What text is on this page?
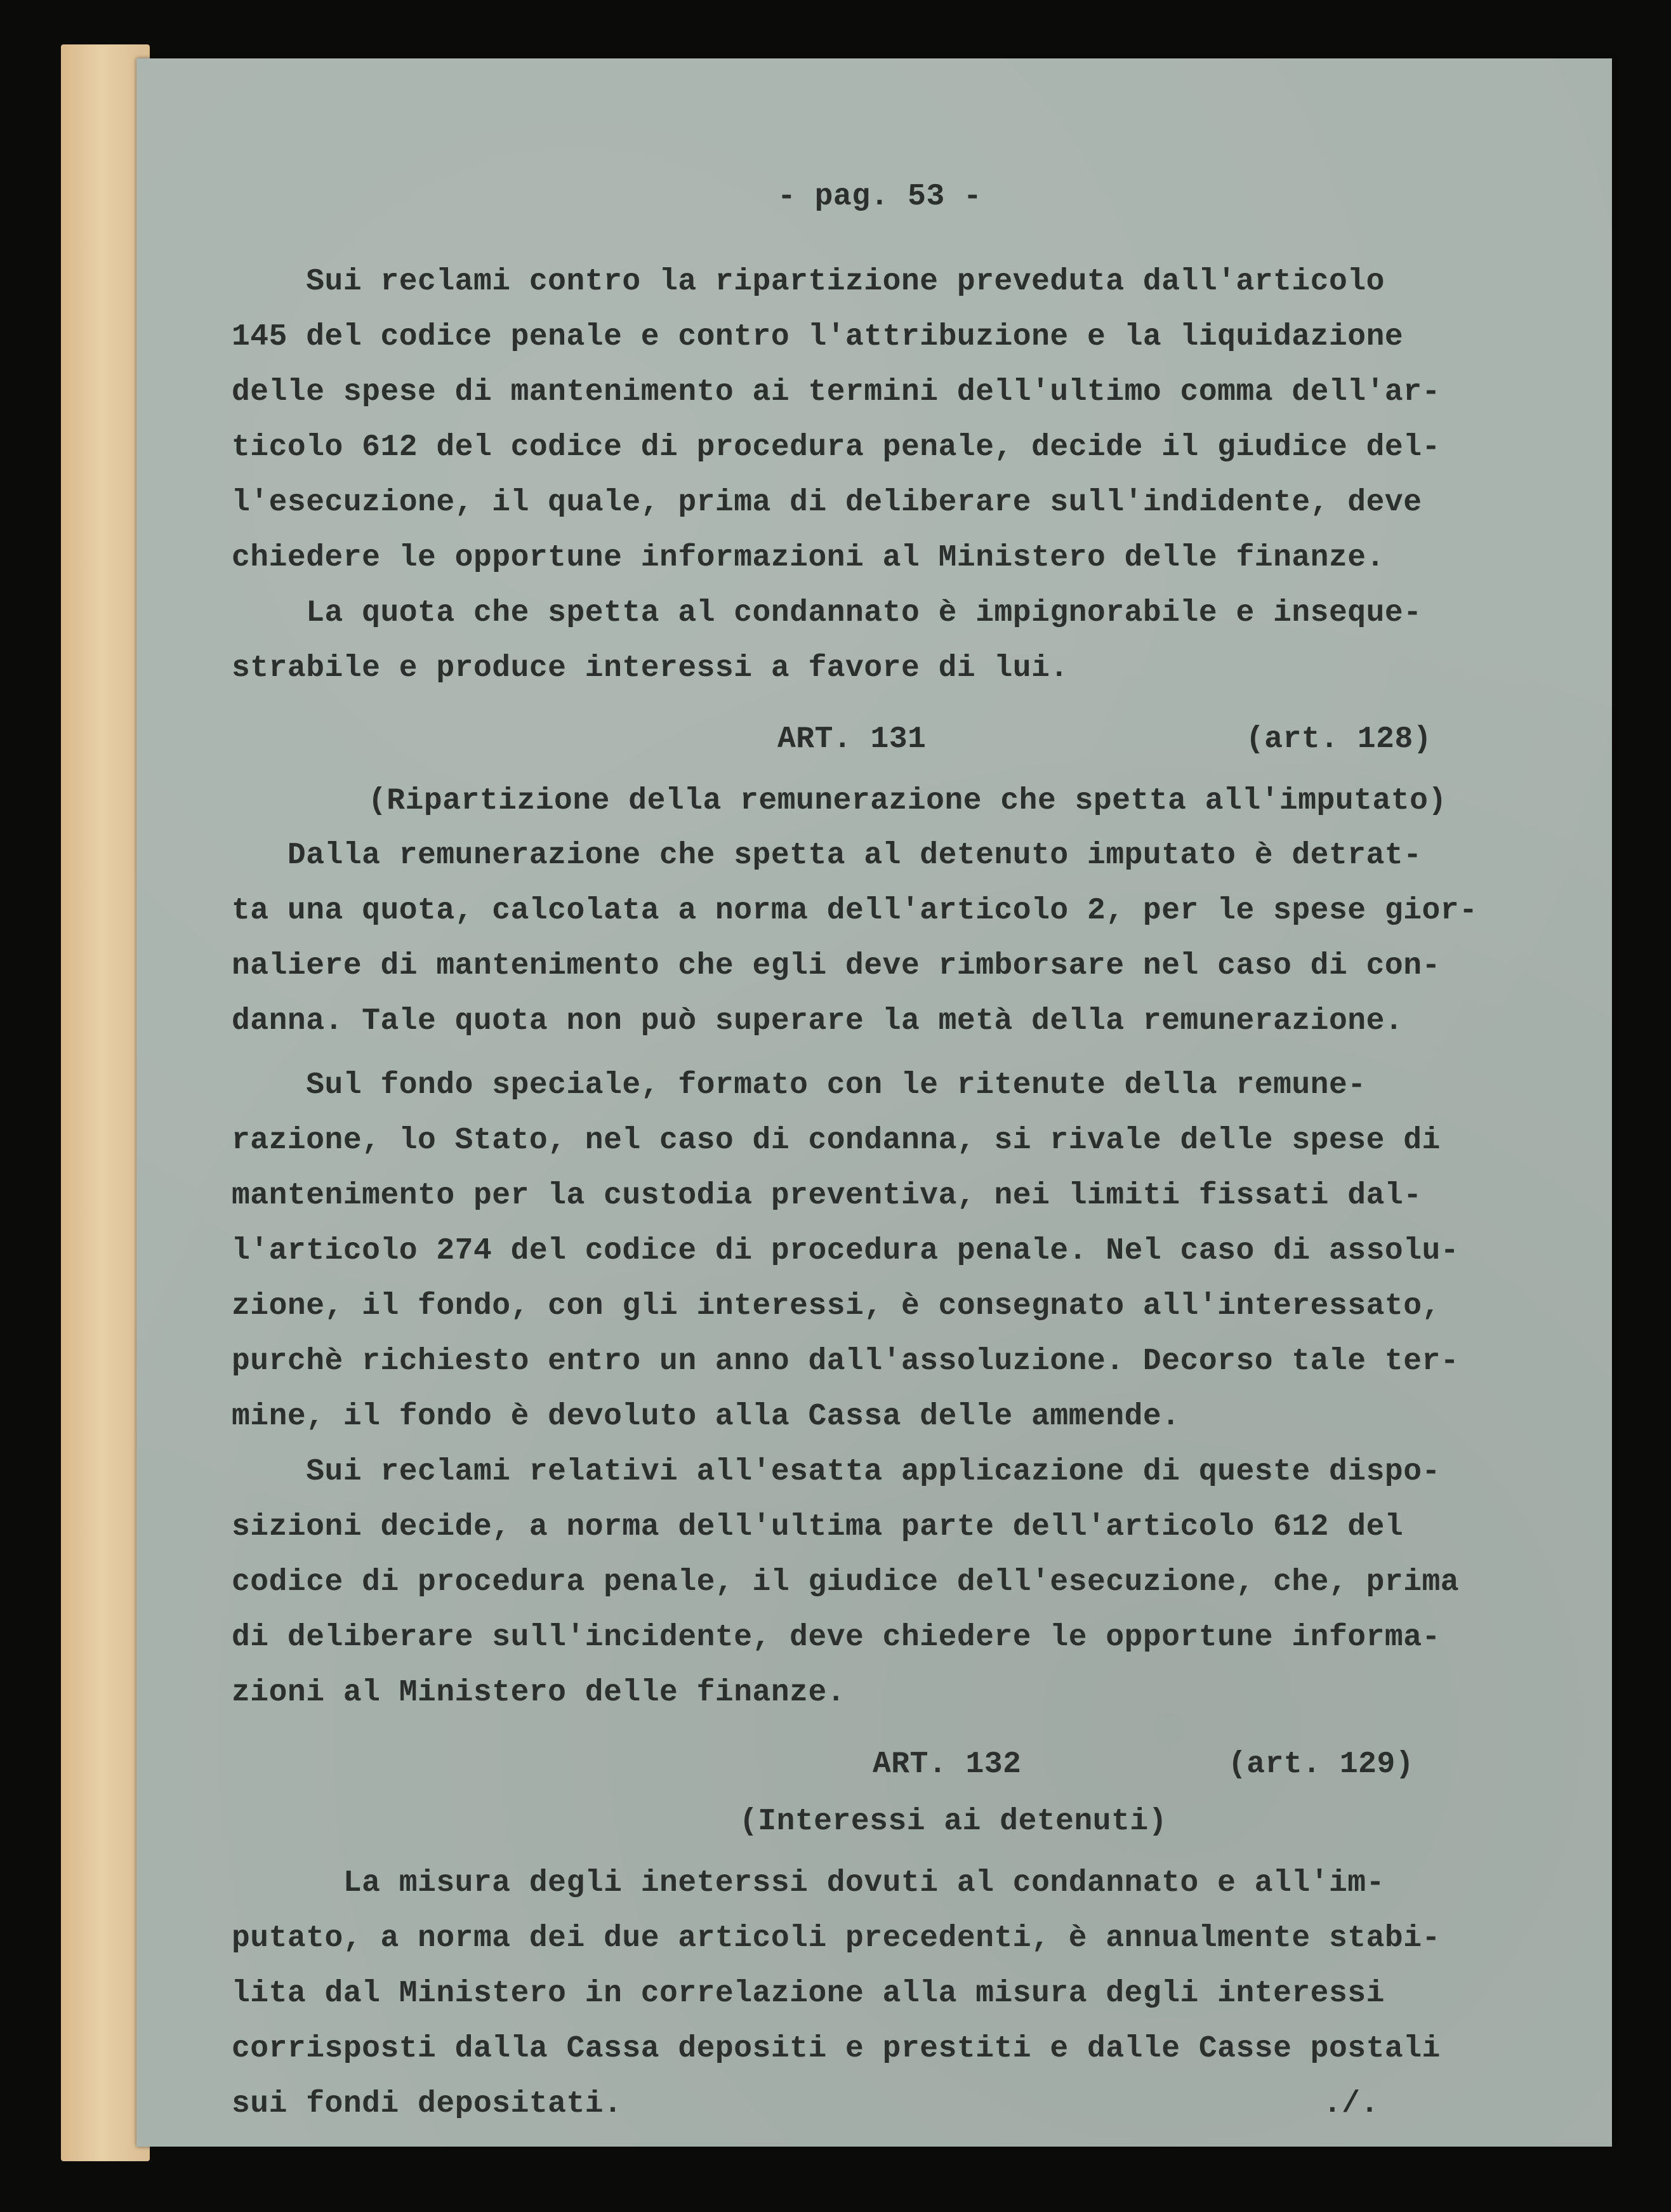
- pag. 53 -
Sui reclami contro la ripartizione preveduta dall'articolo
145 del codice penale e contro l'attribuzione e la liquidazione
delle spese di mantenimento ai termini dell'ultimo comma dell'ar-
ticolo 612 del codice di procedura penale, decide il giudice del-
l'esecuzione, il quale, prima di deliberare sull'indidente, deve
chiedere le opportune informazioni al Ministero delle finanze.
La quota che spetta al condannato è impignorabile e inseque-
strabile e produce interessi a favore di lui.
ART. 131	(art. 128)
(Ripartizione della remunerazione che spetta all'imputato)
Dalla remunerazione che spetta al detenuto imputato è detrat-
ta una quota, calcolata a norma dell'articolo 2, per le spese gior-
naliere di mantenimento che egli deve rimborsare nel caso di con-
danna. Tale quota non può superare la metà della remunerazione.
Sul fondo speciale, formato con le ritenute della remune-
razione, lo Stato, nel caso di condanna, si rivale delle spese di
mantenimento per la custodia preventiva, nei limiti fissati dal-
l'articolo 274 del codice di procedura penale. Nel caso di assolu-
zione, il fondo, con gli interessi, è consegnato all'interessato,
purchè richiesto entro un anno dall'assoluzione. Decorso tale ter-
mine, il fondo è devoluto alla Cassa delle ammende.
Sui reclami relativi all'esatta applicazione di queste dispo-
sizioni decide, a norma dell'ultima parte dell'articolo 612 del
codice di procedura penale, il giudice dell'esecuzione, che, prima
di deliberare sull'incidente, deve chiedere le opportune informa-
zioni al Ministero delle finanze.
ART. 132	(art. 129)
(Interessi ai detenuti)
La misura degli ineterssi dovuti al condannato e all'im-
putato, a norma dei due articoli precedenti, è annualmente stabi-
lita dal Ministero in correlazione alla misura degli interessi
corrisposti dalla Cassa depositi e prestiti e dalle Casse postali
sui fondi depositati.	./.
